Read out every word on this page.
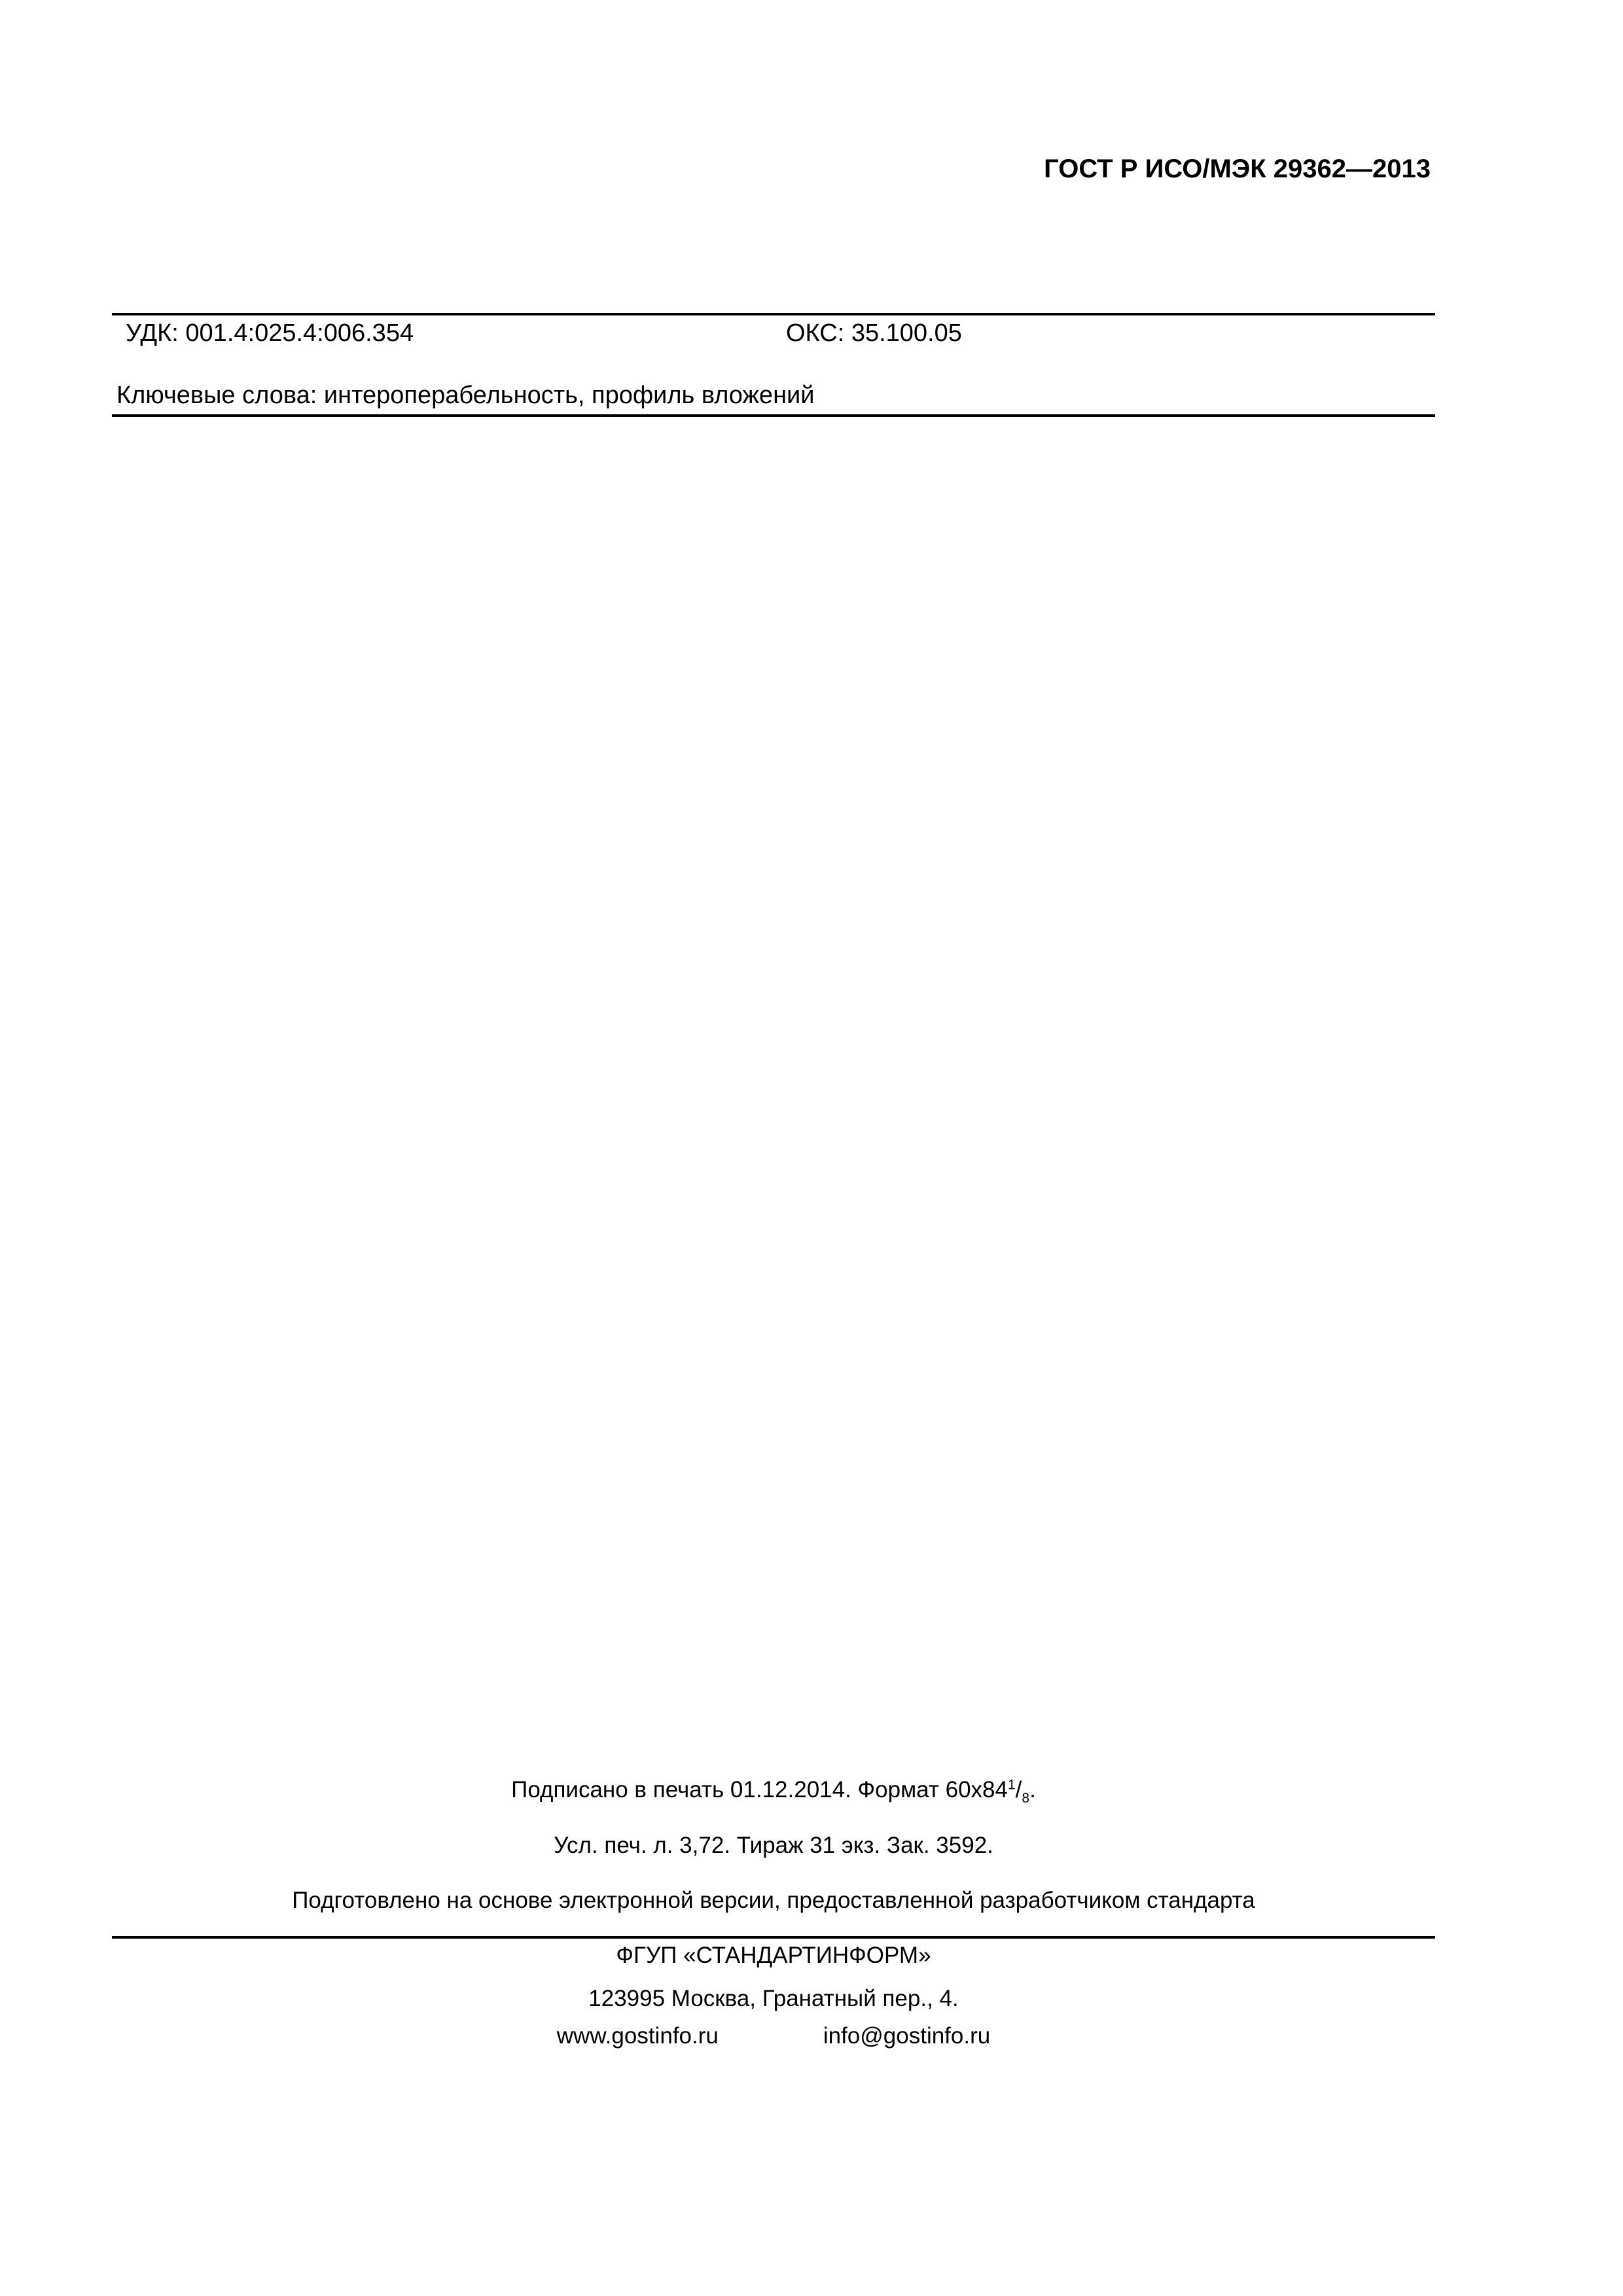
ГОСТ Р ИСО/МЭК 29362—2013
УДК: 001.4:025.4:006.354	ОКС: 35.100.05
Ключевые слова: интероперабельность, профиль вложений
Подписано в печать 01.12.2014. Формат $60x84^1/_8$.
Усл. печ. л. 3,72. Тираж 31 экз. Зак. 3592.
Подготовлено на основе электронной версии, предоставленной разработчиком стандарта
ФГУП «СТАНДАРТИНФОРМ»
123995 Москва, Гранатный пер., 4.
www.gostinfo.ru	info@gostinfo.ru
